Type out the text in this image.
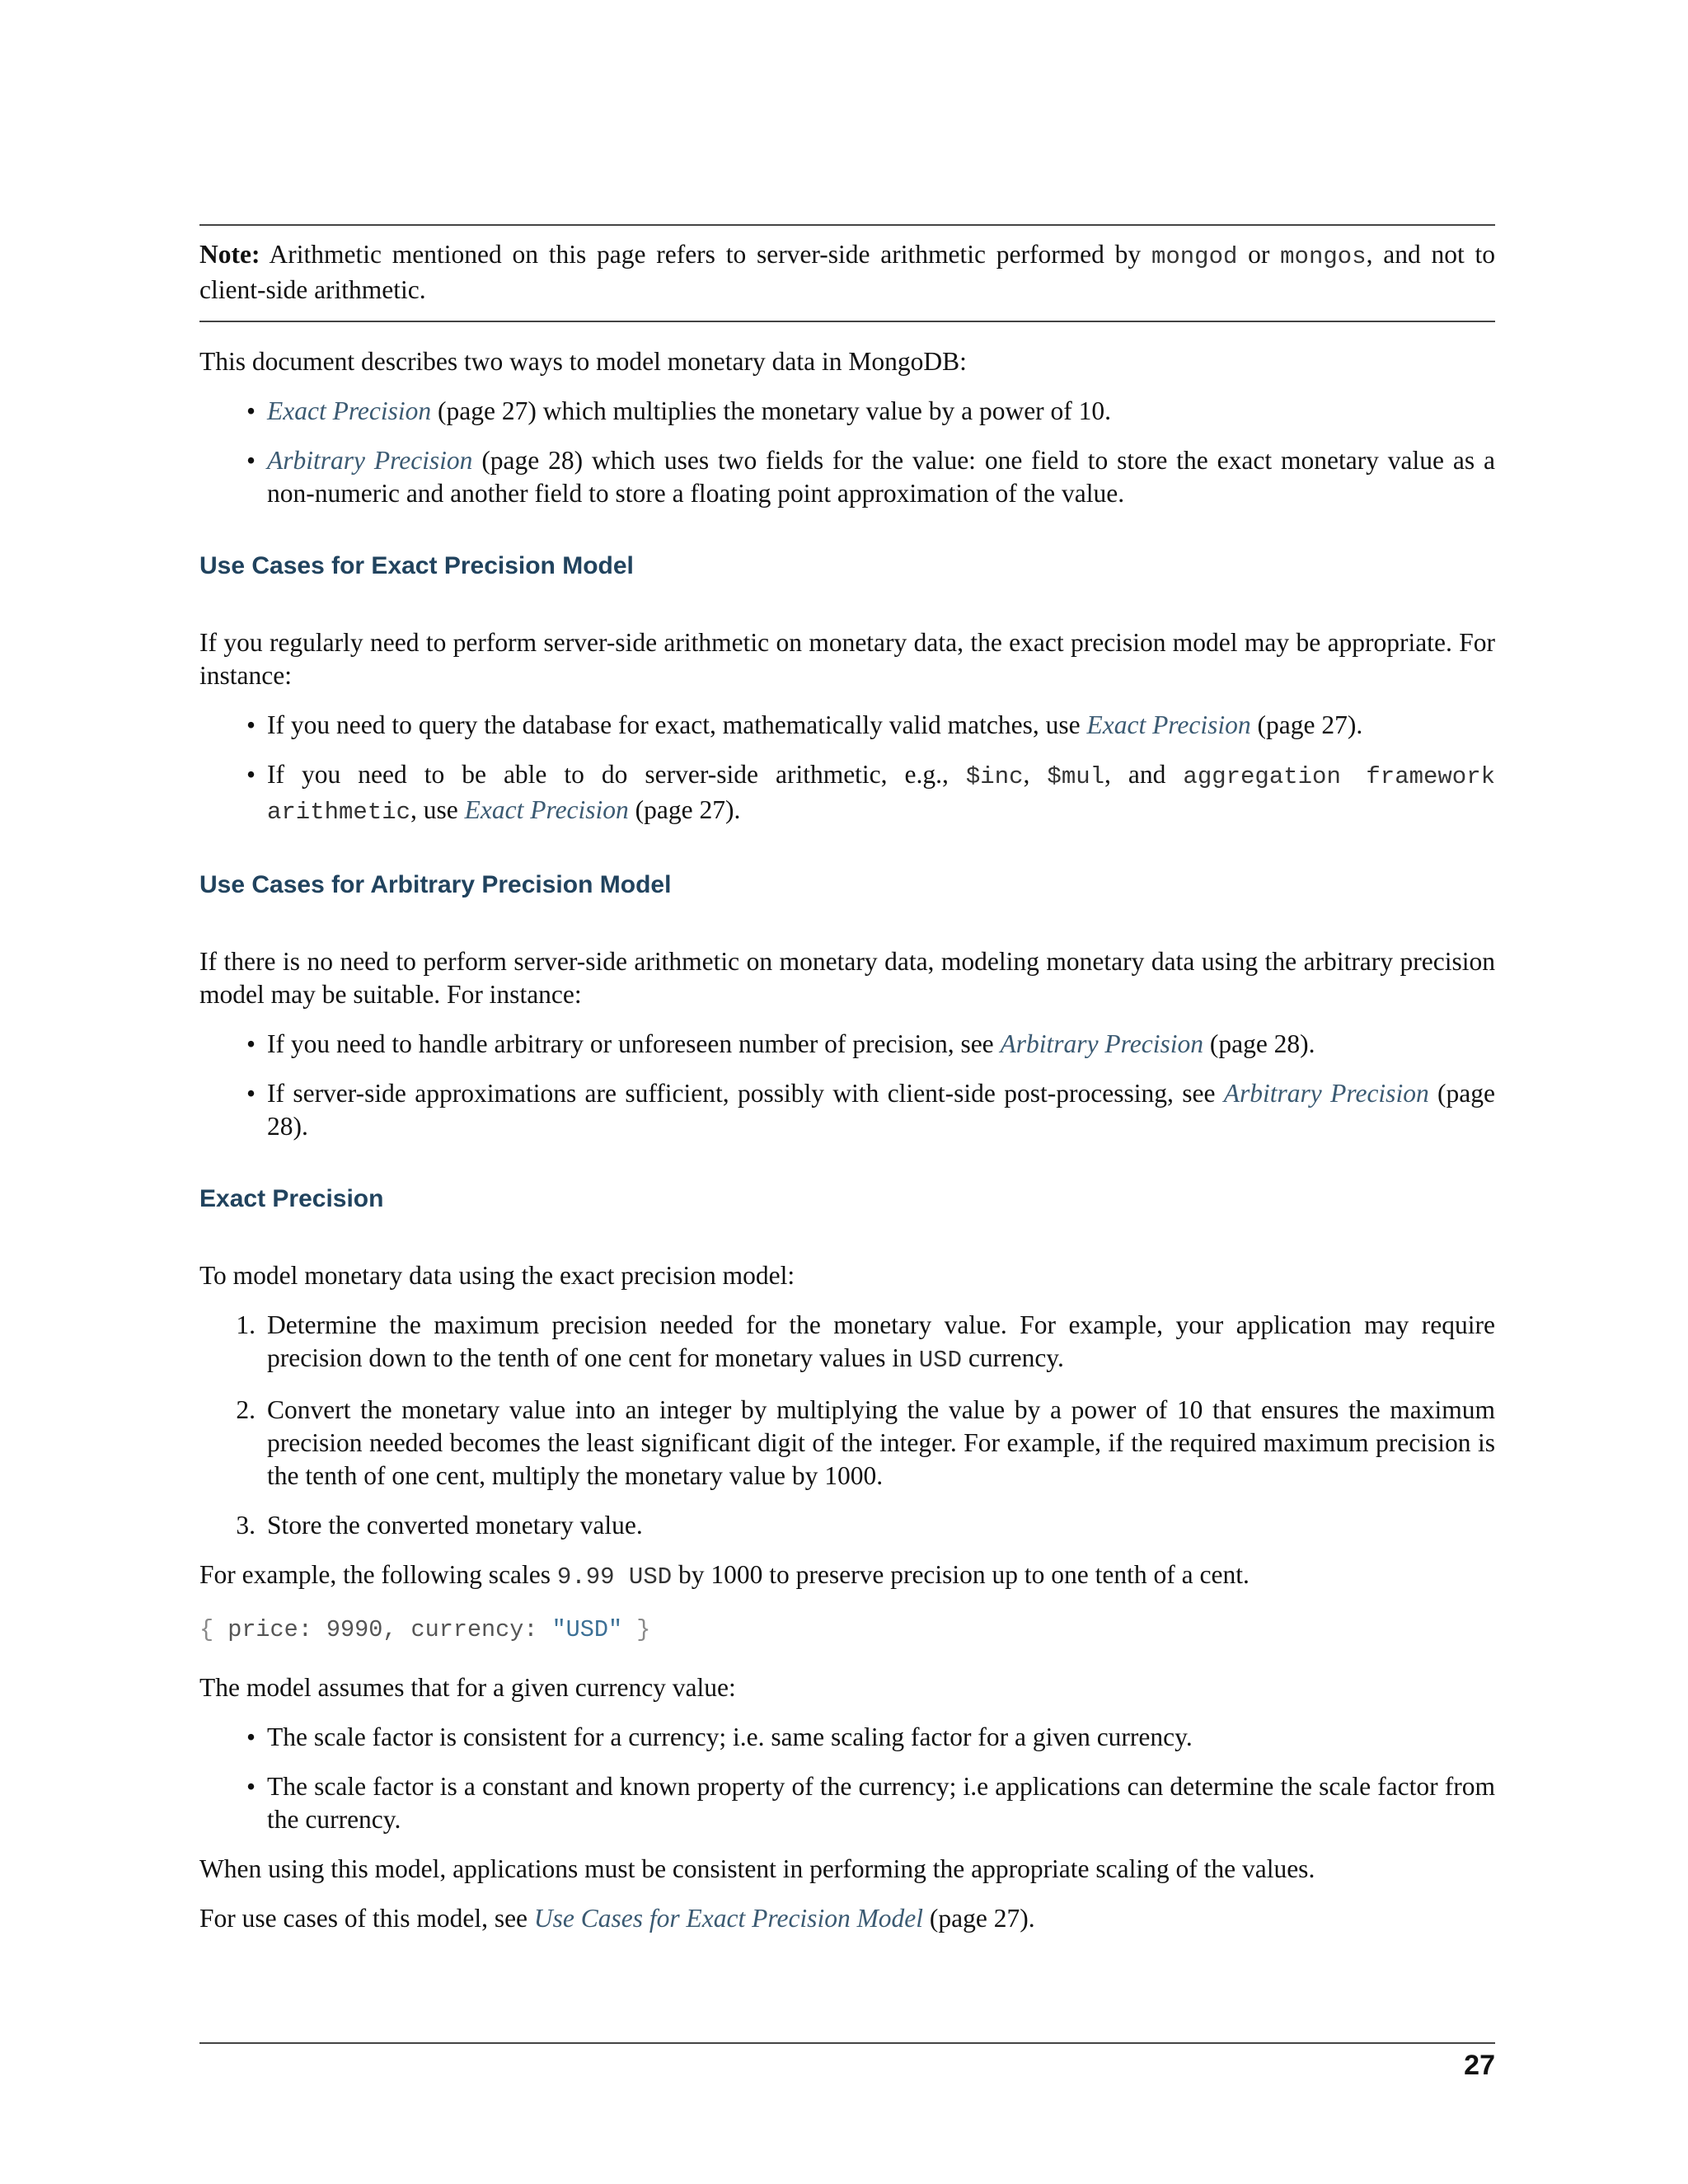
Note: Arithmetic mentioned on this page refers to server-side arithmetic performed by mongod or mongos, and not to client-side arithmetic.

This document describes two ways to model monetary data in MongoDB:

• Exact Precision (page 27) which multiplies the monetary value by a power of 10.
• Arbitrary Precision (page 28) which uses two fields for the value: one field to store the exact monetary value as a non-numeric and another field to store a floating point approximation of the value.
Use Cases for Exact Precision Model

If you regularly need to perform server-side arithmetic on monetary data, the exact precision model may be appropriate. For instance:

• If you need to query the database for exact, mathematically valid matches, use Exact Precision (page 27).
• If you need to be able to do server-side arithmetic, e.g., $inc, $mul, and aggregation framework arithmetic, use Exact Precision (page 27).
Use Cases for Arbitrary Precision Model

If there is no need to perform server-side arithmetic on monetary data, modeling monetary data using the arbitrary precision model may be suitable. For instance:

• If you need to handle arbitrary or unforeseen number of precision, see Arbitrary Precision (page 28).
• If server-side approximations are sufficient, possibly with client-side post-processing, see Arbitrary Precision (page 28).
Exact Precision

To model monetary data using the exact precision model:

1. Determine the maximum precision needed for the monetary value. For example, your application may require precision down to the tenth of one cent for monetary values in USD currency.
2. Convert the monetary value into an integer by multiplying the value by a power of 10 that ensures the maximum precision needed becomes the least significant digit of the integer. For example, if the required maximum precision is the tenth of one cent, multiply the monetary value by 1000.
3. Store the converted monetary value.

For example, the following scales 9.99 USD by 1000 to preserve precision up to one tenth of a cent.

{ price: 9990, currency: "USD" }

The model assumes that for a given currency value:

• The scale factor is consistent for a currency; i.e. same scaling factor for a given currency.
• The scale factor is a constant and known property of the currency; i.e applications can determine the scale factor from the currency.

When using this model, applications must be consistent in performing the appropriate scaling of the values.

For use cases of this model, see Use Cases for Exact Precision Model (page 27).

27
